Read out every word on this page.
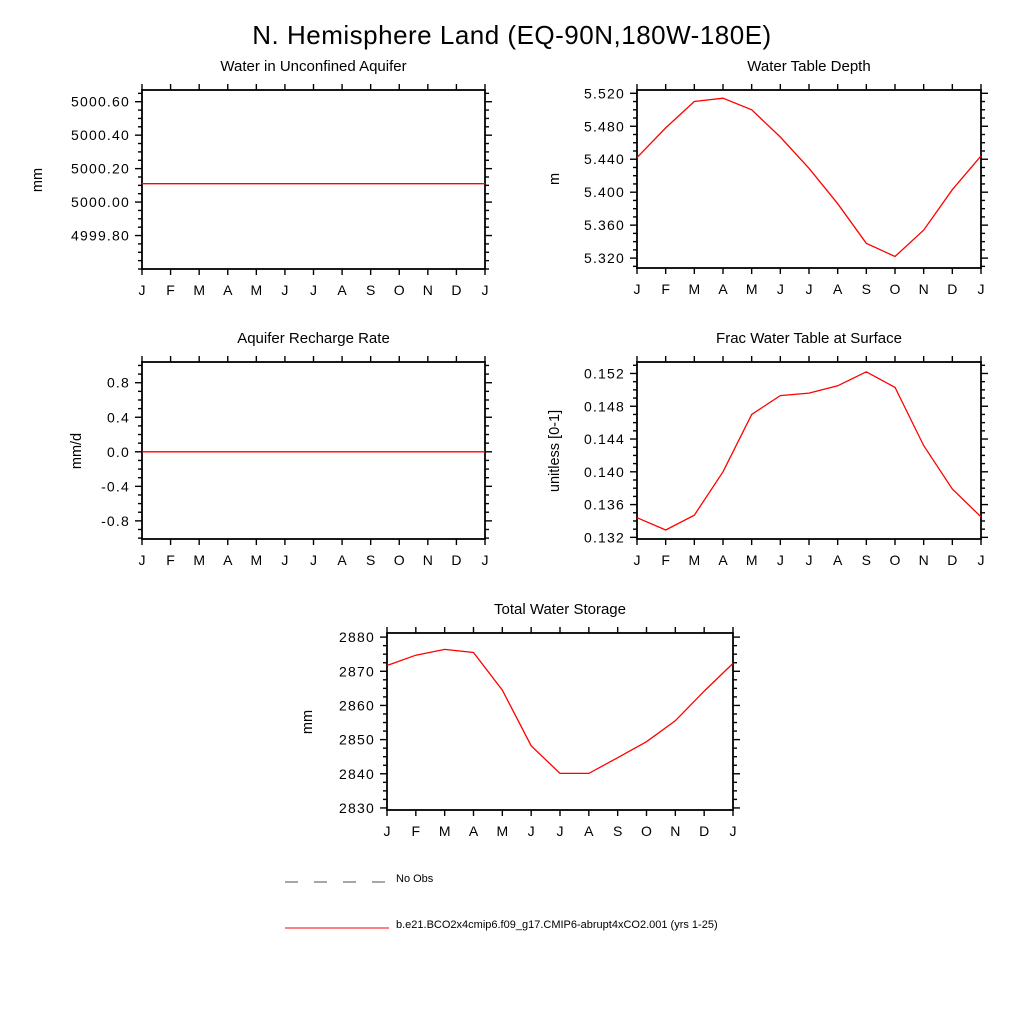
N. Hemisphere Land (EQ-90N,180W-180E)
J F M A M J J A S O N D J
4999.80
5000.00
5000.20
5000.40
5000.60
Water in Unconfined Aquifer
mm
J F M A M J J A S O N D J
5.320
5.360
5.400
5.440
5.480
5.520
Water Table Depth
m
J F M A M J J A S O N D J
-0.8
-0.4
0.0
0.4
0.8
Aquifer Recharge Rate
mm/d
J F M A M J J A S O N D J
0.132
0.136
0.140
0.144
0.148
0.152
Frac Water Table at Surface
unitless [0-1]
J F M A M J J A S O N D J
2830
2840
2850
2860
2870
2880
Total Water Storage
mm
No Obs
b.e21.BCO2x4cmip6.f09_g17.CMIP6-abrupt4xCO2.001 (yrs 1-25)
